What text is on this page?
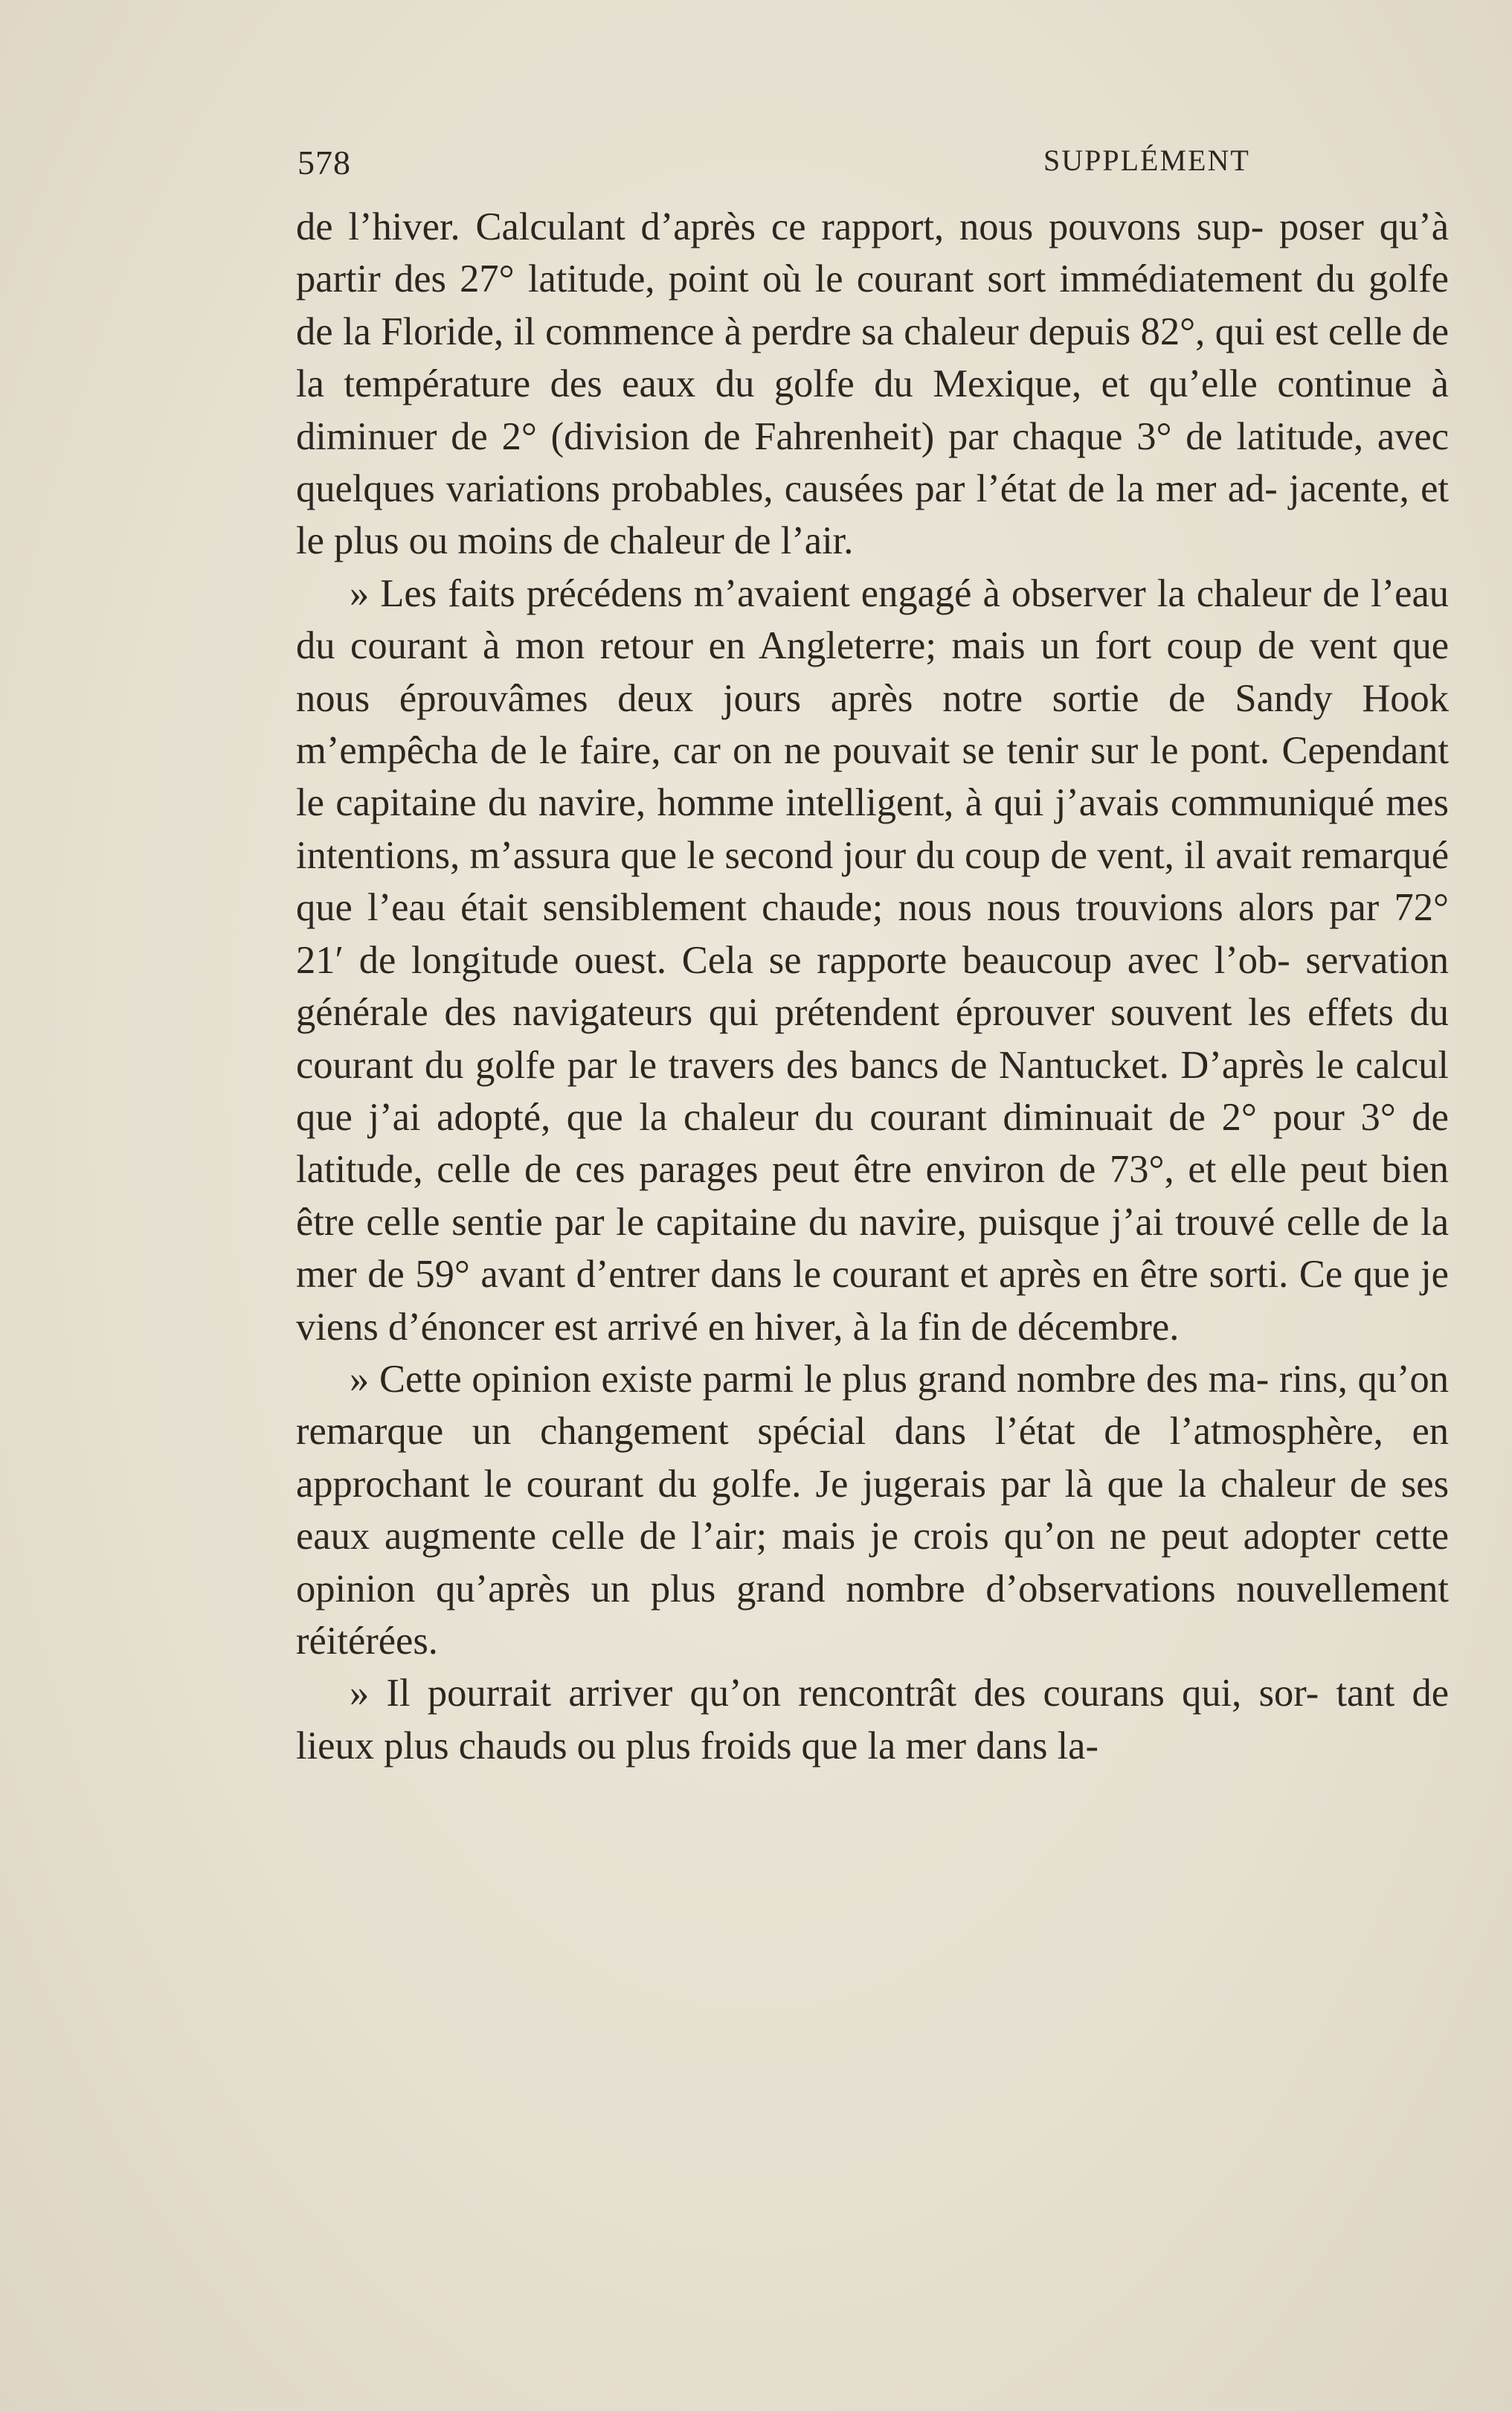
578	SUPPLÉMENT

de l’hiver. Calculant d’après ce rapport, nous pouvons sup- poser qu’à partir des 27° latitude, point où le courant sort immédiatement du golfe de la Floride, il commence à perdre sa chaleur depuis 82°, qui est celle de la température des eaux du golfe du Mexique, et qu’elle continue à diminuer de 2° (division de Fahrenheit) par chaque 3° de latitude, avec quelques variations probables, causées par l’état de la mer ad- jacente, et le plus ou moins de chaleur de l’air.

» Les faits précédens m’avaient engagé à observer la chaleur de l’eau du courant à mon retour en Angleterre; mais un fort coup de vent que nous éprouvâmes deux jours après notre sortie de Sandy Hook m’empêcha de le faire, car on ne pouvait se tenir sur le pont. Cependant le capitaine du navire, homme intelligent, à qui j’avais communiqué mes intentions, m’assura que le second jour du coup de vent, il avait remarqué que l’eau était sensiblement chaude; nous nous trouvions alors par 72° 21′ de longitude ouest. Cela se rapporte beaucoup avec l’ob- servation générale des navigateurs qui prétendent éprouver souvent les effets du courant du golfe par le travers des bancs de Nantucket. D’après le calcul que j’ai adopté, que la chaleur du courant diminuait de 2° pour 3° de latitude, celle de ces parages peut être environ de 73°, et elle peut bien être celle sentie par le capitaine du navire, puisque j’ai trouvé celle de la mer de 59° avant d’entrer dans le courant et après en être sorti. Ce que je viens d’énoncer est arrivé en hiver, à la fin de décembre.

» Cette opinion existe parmi le plus grand nombre des ma- rins, qu’on remarque un changement spécial dans l’état de l’atmosphère, en approchant le courant du golfe. Je jugerais par là que la chaleur de ses eaux augmente celle de l’air; mais je crois qu’on ne peut adopter cette opinion qu’après un plus grand nombre d’observations nouvellement réitérées.

» Il pourrait arriver qu’on rencontrât des courans qui, sor- tant de lieux plus chauds ou plus froids que la mer dans la-
